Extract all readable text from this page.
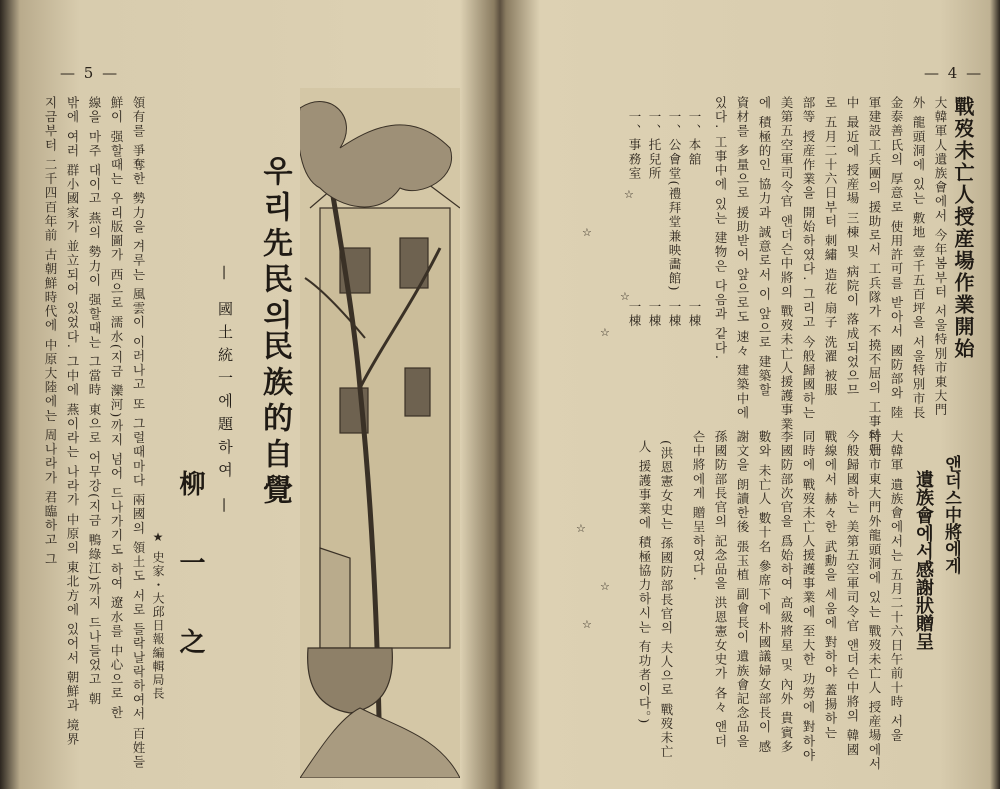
— 5 —
지금부터 二千四百年前 古朝鮮時代에 中原大陸에는 周나라가 君臨하고 그 밖에 여러 群小國家가 並立되어 있었다. 그中에 燕이라는 나라가 中原의 東北方에 있어서 朝鮮과 境界 線을 마주 대이고 燕의 勢力이 强할때는 그當時 東으로 어무강(지금 鴨綠江)까지 드나들었고 朝 鮮이 强할때는 우리版圖가 西으로 濡水(지금 灤河)까지 넘어 드나가기도 하여 遼水를 中心으로 한 領有를 爭奪한 勢力을 겨루는 風雲이 이러나고 또 그럴때마다 兩國의 領土도 서로 들락날락하여서 百姓들 ★ 史家・大邱日報編輯局長 柳 一 之
— 國土統一에題하여 —
우리先民의
民族的自覺
— 4 —
戰歿未亡人授産場作業開始
大韓軍人遺族會에서 今年봄부터 서울特別市東大門
外 龍頭洞에 있는 敷地 壹千五百坪을 서울特別市長
金泰善氏의 厚意로 使用許可를 받아서 國防部와 陸
軍建設工兵團의 援助로서 工兵隊가 不撓不屈의 工事하든
中 最近에 授産場 三棟 및 病院이 落成되었으므
로 五月二十六日부터 刺繡 造花 扇子 洗濯 被服
部等 授産作業을 開始하였다. 그리고 今般歸國하는
美第五空軍司令官 앤더슨中將의 戰歿未亡人援護事業
에 積極的인 協力과 誠意로서 이 앞으로 建築할
資材를 多量으로 援助받어 앞으로도 速々 建築中에
있다. 工事中에 있는 建物은 다음과 같다.
一、本舘
一棟
一、公會堂(禮拜堂兼映畵館)
一棟
一、托兒所
一棟
一、事務室
一棟
☆
☆
☆
☆
☆
☆
☆
앤더스中將에게
遺族會에서感謝狀贈呈
大韓軍 遺族會에서는 五月二十六日午前十時 서울
特別市東大門外龍頭洞에 있는 戰歿未亡人 授産場에서
今般歸國하는 美第五空軍司令官 앤더슨中將의 韓國
戰線에서 赫々한 武勳을 세움에 對하야 蓋揚하는
同時에 戰歿未亡人援護事業에 至大한 功勞에 對하야
李國防部次官을 爲始하여 高級將星 및 內外 貴賓多
數와 未亡人 數十名 參席下에 朴國議婦女部長이 感
謝文을 朗讀한後 張玉植 副會長이 遺族會記念品을
孫國防部長官의 記念品을 洪恩憲女史가 各々 앤더
슨中將에게 贈呈하였다.
(洪恩憲女史는 孫國防部長官의 夫人으로 戰歿未亡
人 援護事業에 積極協力하시는 有功者이다。)
